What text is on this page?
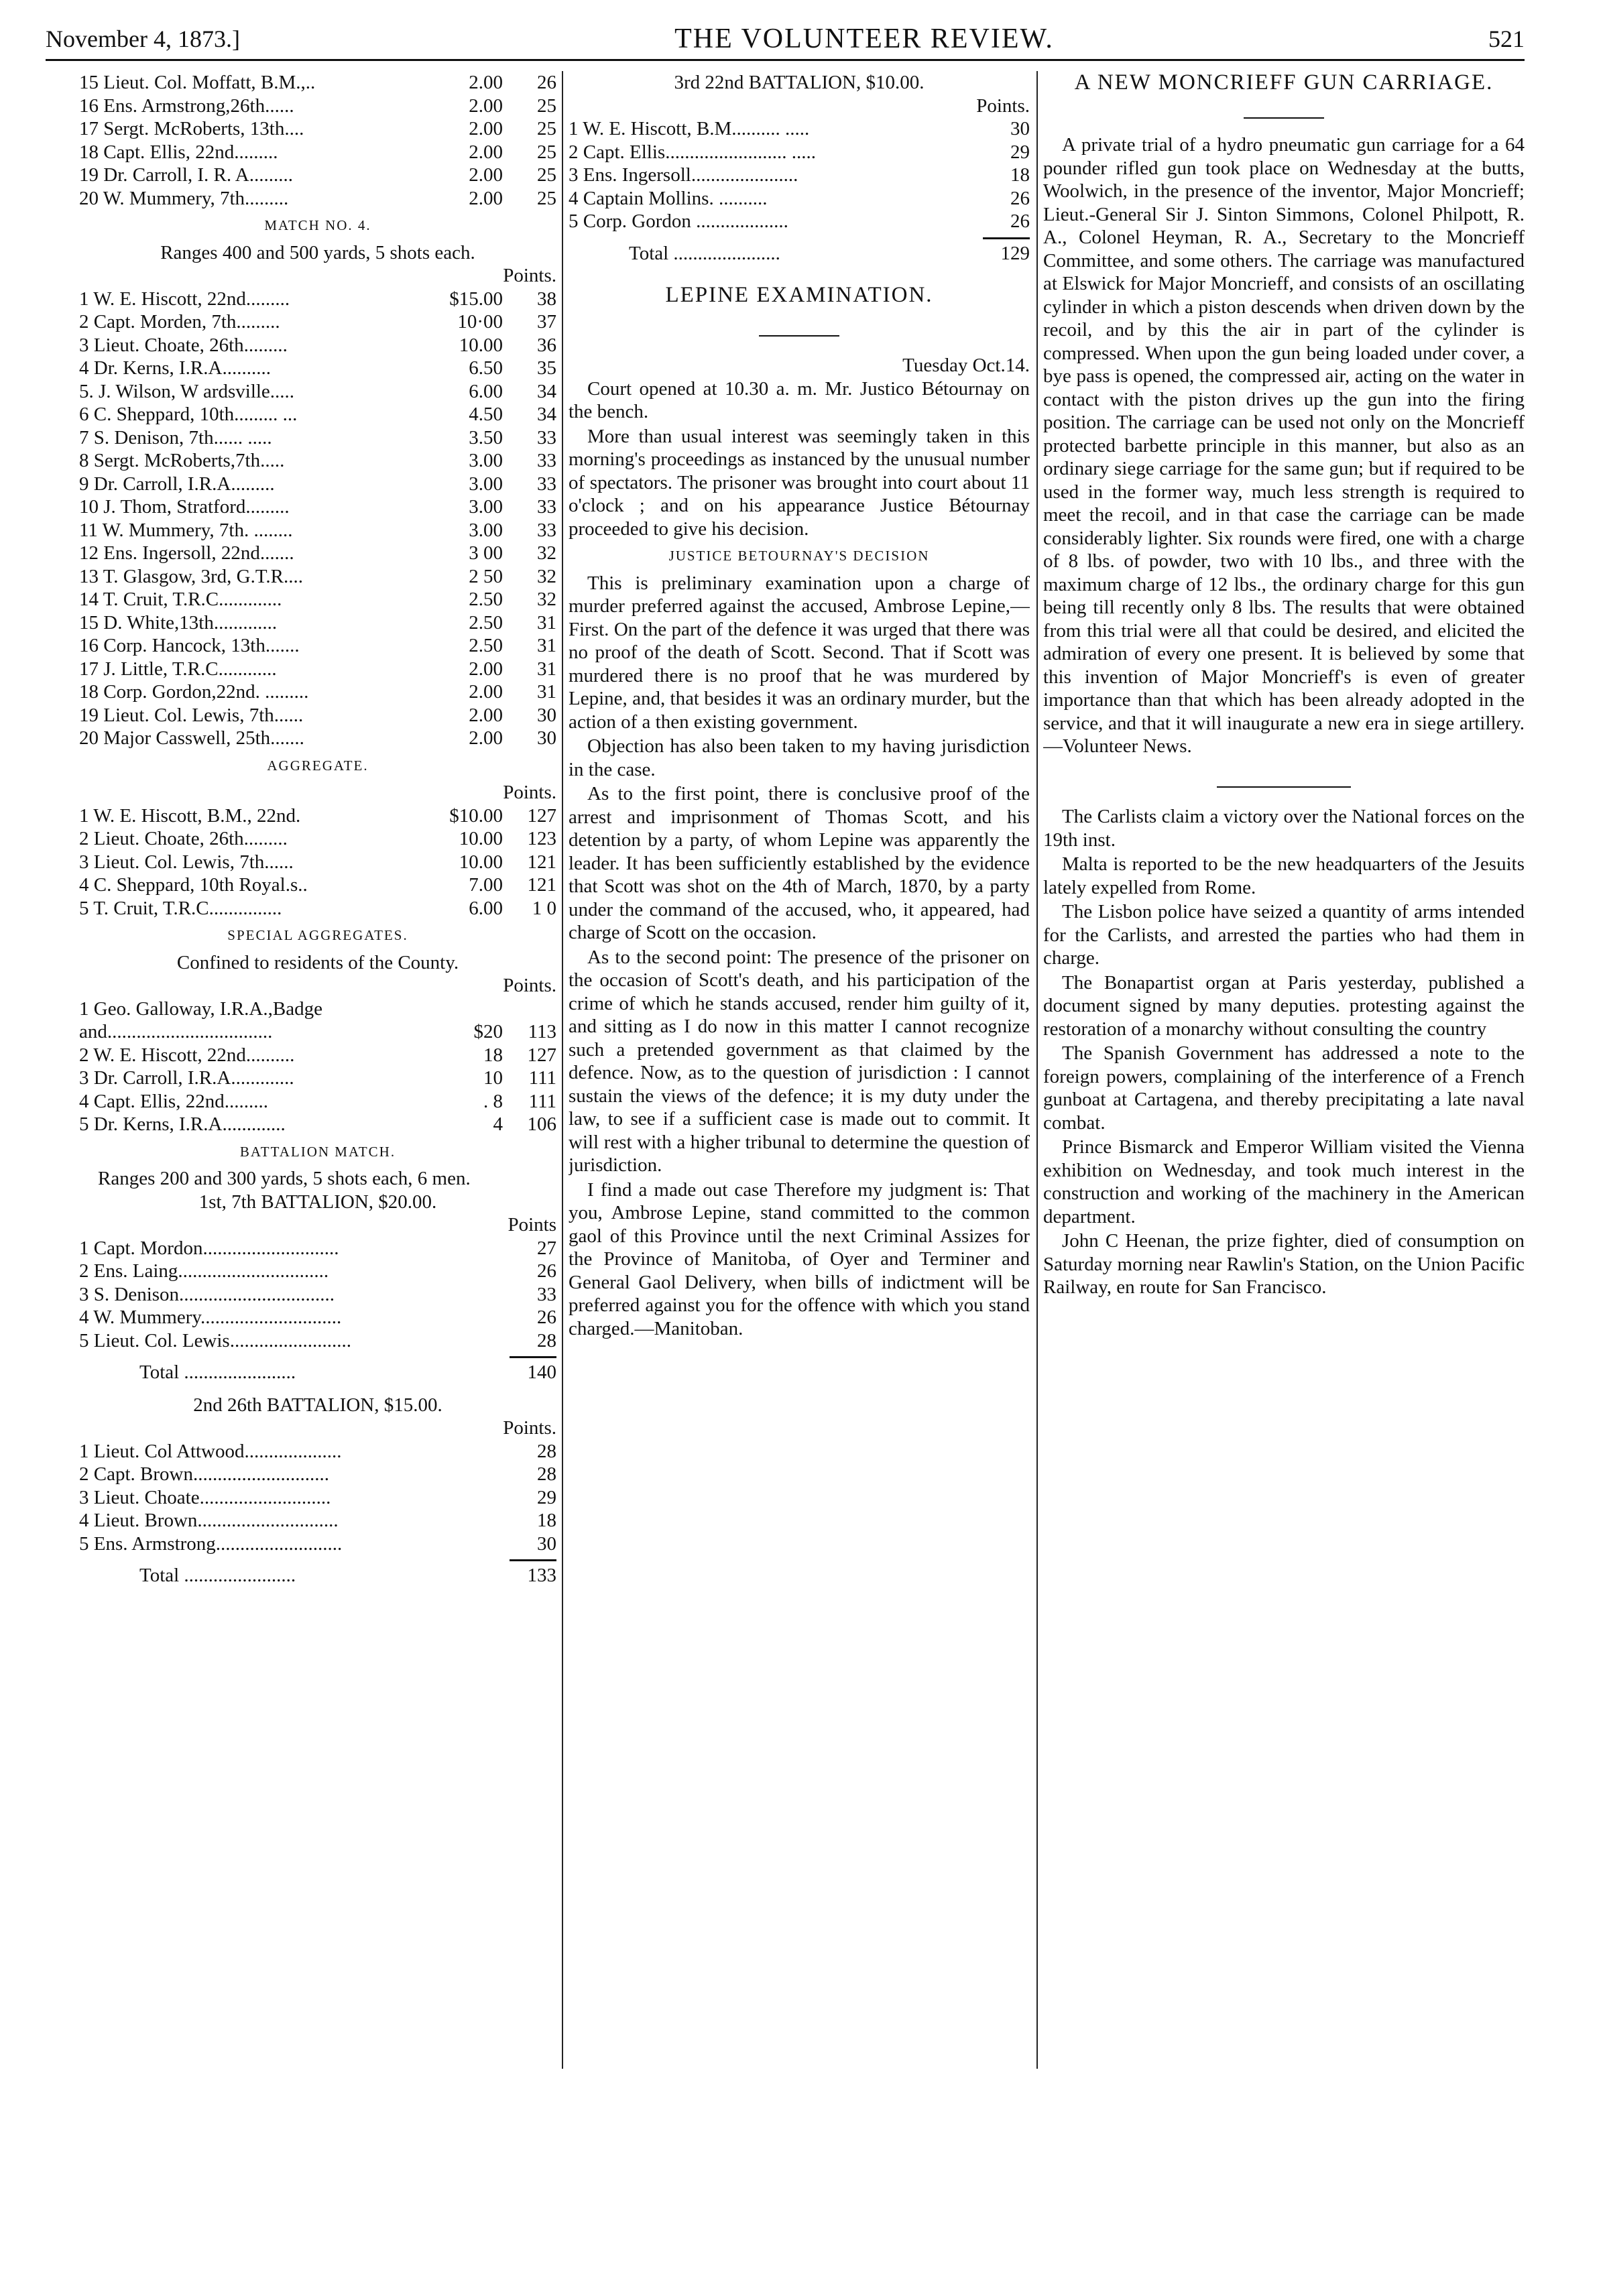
November 4, 1873.]	THE VOLUNTEER REVIEW.	521
15 Lieut. Col. Moffatt, B.M.,..	2.00	26
16 Ens. Armstrong,26th......	2.00	25
17 Sergt. McRoberts, 13th....	2.00	25
18 Capt. Ellis, 22nd.........	2.00	25
19 Dr. Carroll, I. R. A.........	2.00	25
20 W. Mummery, 7th.........	2.00	25
MATCH NO. 4.
Ranges 400 and 500 yards, 5 shots each.
Points.
1 W. E. Hiscott, 22nd.........	$15.00	38
2 Capt. Morden, 7th.........	10·00	37
3 Lieut. Choate, 26th.........	10.00	36
4 Dr. Kerns, I.R.A..........	6.50	35
5. J. Wilson, W ardsville.....	6.00	34
6 C. Sheppard, 10th......... ...	4.50	34
7 S. Denison, 7th...... .....	3.50	33
8 Sergt. McRoberts,7th.....	3.00	33
9 Dr. Carroll, I.R.A.........	3.00	33
10 J. Thom, Stratford.........	3.00	33
11 W. Mummery, 7th. ........	3.00	33
12 Ens. Ingersoll, 22nd.......	3 00	32
13 T. Glasgow, 3rd, G.T.R....	2 50	32
14 T. Cruit, T.R.C.............	2.50	32
15 D. White,13th.............	2.50	31
16 Corp. Hancock, 13th.......	2.50	31
17 J. Little, T.R.C............	2.00	31
18 Corp. Gordon,22nd. .........	2.00	31
19 Lieut. Col. Lewis, 7th......	2.00	30
20 Major Casswell, 25th.......	2.00	30
AGGREGATE.
Points.
1 W. E. Hiscott, B.M., 22nd.	$10.00	127
2 Lieut. Choate, 26th.........	10.00	123
3 Lieut. Col. Lewis, 7th......	10.00	121
4 C. Sheppard, 10th Royal.s..	7.00	121
5 T. Cruit, T.R.C...............	6.00	1 0
SPECIAL AGGREGATES.
Confined to residents of the County.
Points.
1 Geo. Galloway, I.R.A.,Badge
and..................................	$20	113
2 W. E. Hiscott, 22nd..........	18	127
3 Dr. Carroll, I.R.A.............	10	111
4 Capt. Ellis, 22nd.........	. 8	111
5 Dr. Kerns, I.R.A.............	4	106
BATTALION MATCH.
Ranges 200 and 300 yards, 5 shots each, 6 men.
1st, 7th BATTALION, $20.00.
Points
1 Capt. Mordon............................	27
2 Ens. Laing...............................	26
3 S. Denison................................	33
4 W. Mummery.............................	26
5 Lieut. Col. Lewis.........................	28
Total .......................	140
2nd 26th BATTALION, $15.00.
Points.
1 Lieut. Col Attwood....................	28
2 Capt. Brown............................	28
3 Lieut. Choate...........................	29
4 Lieut. Brown.............................	18
5 Ens. Armstrong..........................	30
Total .......................	133
3rd 22nd BATTALION, $10.00.
Points.
1 W. E. Hiscott, B.M.......... .....	30
2 Capt. Ellis......................... .....	29
3 Ens. Ingersoll......................	18
4 Captain Mollins. ..........	26
5 Corp. Gordon ...................	26
Total ......................	129
LEPINE EXAMINATION.
Tuesday Oct.14.

Court opened at 10.30 a. m. Mr. Justico Bétournay on the bench.

More than usual interest was seemingly taken in this morning's proceedings as instanced by the unusual number of spectators. The prisoner was brought into court about 11 o'clock ; and on his appearance Justice Bétournay proceeded to give his decision.

JUSTICE BETOURNAY'S DECISION

This is preliminary examination upon a charge of murder preferred against the accused, Ambrose Lepine,—First. On the part of the defence it was urged that there was no proof of the death of Scott. Second. That if Scott was murdered there is no proof that he was murdered by Lepine, and, that besides it was an ordinary murder, but the action of a then existing government.

Objection has also been taken to my having jurisdiction in the case.

As to the first point, there is conclusive proof of the arrest and imprisonment of Thomas Scott, and his detention by a party, of whom Lepine was apparently the leader. It has been sufficiently established by the evidence that Scott was shot on the 4th of March, 1870, by a party under the command of the accused, who, it appeared, had charge of Scott on the occasion.

As to the second point: The presence of the prisoner on the occasion of Scott's death, and his participation of the crime of which he stands accused, render him guilty of it, and sitting as I do now in this matter I cannot recognize such a pretended government as that claimed by the defence. Now, as to the question of jurisdiction : I cannot sustain the views of the defence; it is my duty under the law, to see if a sufficient case is made out to commit. It will rest with a higher tribunal to determine the question of jurisdiction.

I find a made out case Therefore my judgment is: That you, Ambrose Lepine, stand committed to the common gaol of this Province until the next Criminal Assizes for the Province of Manitoba, of Oyer and Terminer and General Gaol Delivery, when bills of indictment will be preferred against you for the offence with which you stand charged.—Manitoban.

A NEW MONCRIEFF GUN CARRIAGE.

A private trial of a hydro pneumatic gun carriage for a 64 pounder rifled gun took place on Wednesday at the butts, Woolwich, in the presence of the inventor, Major Moncrieff; Lieut.-General Sir J. Sinton Simmons, Colonel Philpott, R. A., Colonel Heyman, R. A., Secretary to the Moncrieff Committee, and some others. The carriage was manufactured at Elswick for Major Moncrieff, and consists of an oscillating cylinder in which a piston descends when driven down by the recoil, and by this the air in part of the cylinder is compressed. When upon the gun being loaded under cover, a bye pass is opened, the compressed air, acting on the water in contact with the piston drives up the gun into the firing position. The carriage can be used not only on the Moncrieff protected barbette principle in this manner, but also as an ordinary siege carriage for the same gun; but if required to be used in the former way, much less strength is required to meet the recoil, and in that case the carriage can be made considerably lighter. Six rounds were fired, one with a charge of 8 lbs. of powder, two with 10 lbs., and three with the maximum charge of 12 lbs., the ordinary charge for this gun being till recently only 8 lbs. The results that were obtained from this trial were all that could be desired, and elicited the admiration of every one present. It is believed by some that this invention of Major Moncrieff's is even of greater importance than that which has been already adopted in the service, and that it will inaugurate a new era in siege artillery.—Volunteer News.

The Carlists claim a victory over the National forces on the 19th inst.

Malta is reported to be the new headquarters of the Jesuits lately expelled from Rome.

The Lisbon police have seized a quantity of arms intended for the Carlists, and arrested the parties who had them in charge.

The Bonapartist organ at Paris yesterday, published a document signed by many deputies. protesting against the restoration of a monarchy without consulting the country

The Spanish Government has addressed a note to the foreign powers, complaining of the interference of a French gunboat at Cartagena, and thereby precipitating a late naval combat.

Prince Bismarck and Emperor William visited the Vienna exhibition on Wednesday, and took much interest in the construction and working of the machinery in the American department.

John C Heenan, the prize fighter, died of consumption on Saturday morning near Rawlin's Station, on the Union Pacific Railway, en route for San Francisco.
